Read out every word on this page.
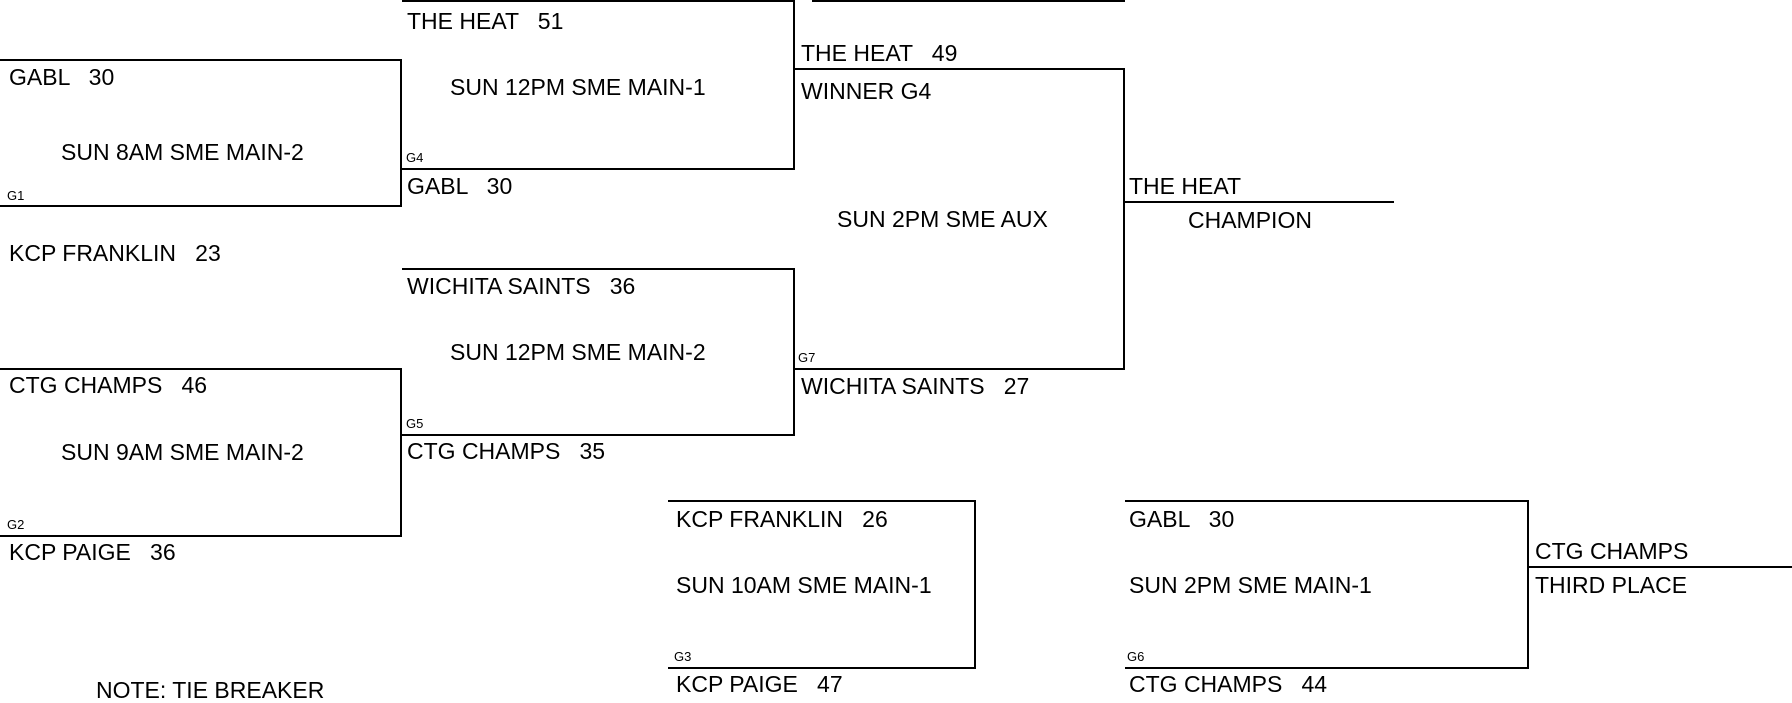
GABL   30
SUN 8AM SME MAIN-2
G1
KCP FRANKLIN   23
CTG CHAMPS   46
SUN 9AM SME MAIN-2
G2
KCP PAIGE   36
THE HEAT   51
SUN 12PM SME MAIN-1
G4
GABL   30
WICHITA SAINTS   36
SUN 12PM SME MAIN-2
G5
CTG CHAMPS   35
THE HEAT   49
WINNER G4
SUN 2PM SME AUX
G7
WICHITA SAINTS   27
THE HEAT
CHAMPION
KCP FRANKLIN   26
SUN 10AM SME MAIN-1
G3
KCP PAIGE   47
GABL   30
SUN 2PM SME MAIN-1
G6
CTG CHAMPS   44
CTG CHAMPS
THIRD PLACE
NOTE: TIE BREAKER
